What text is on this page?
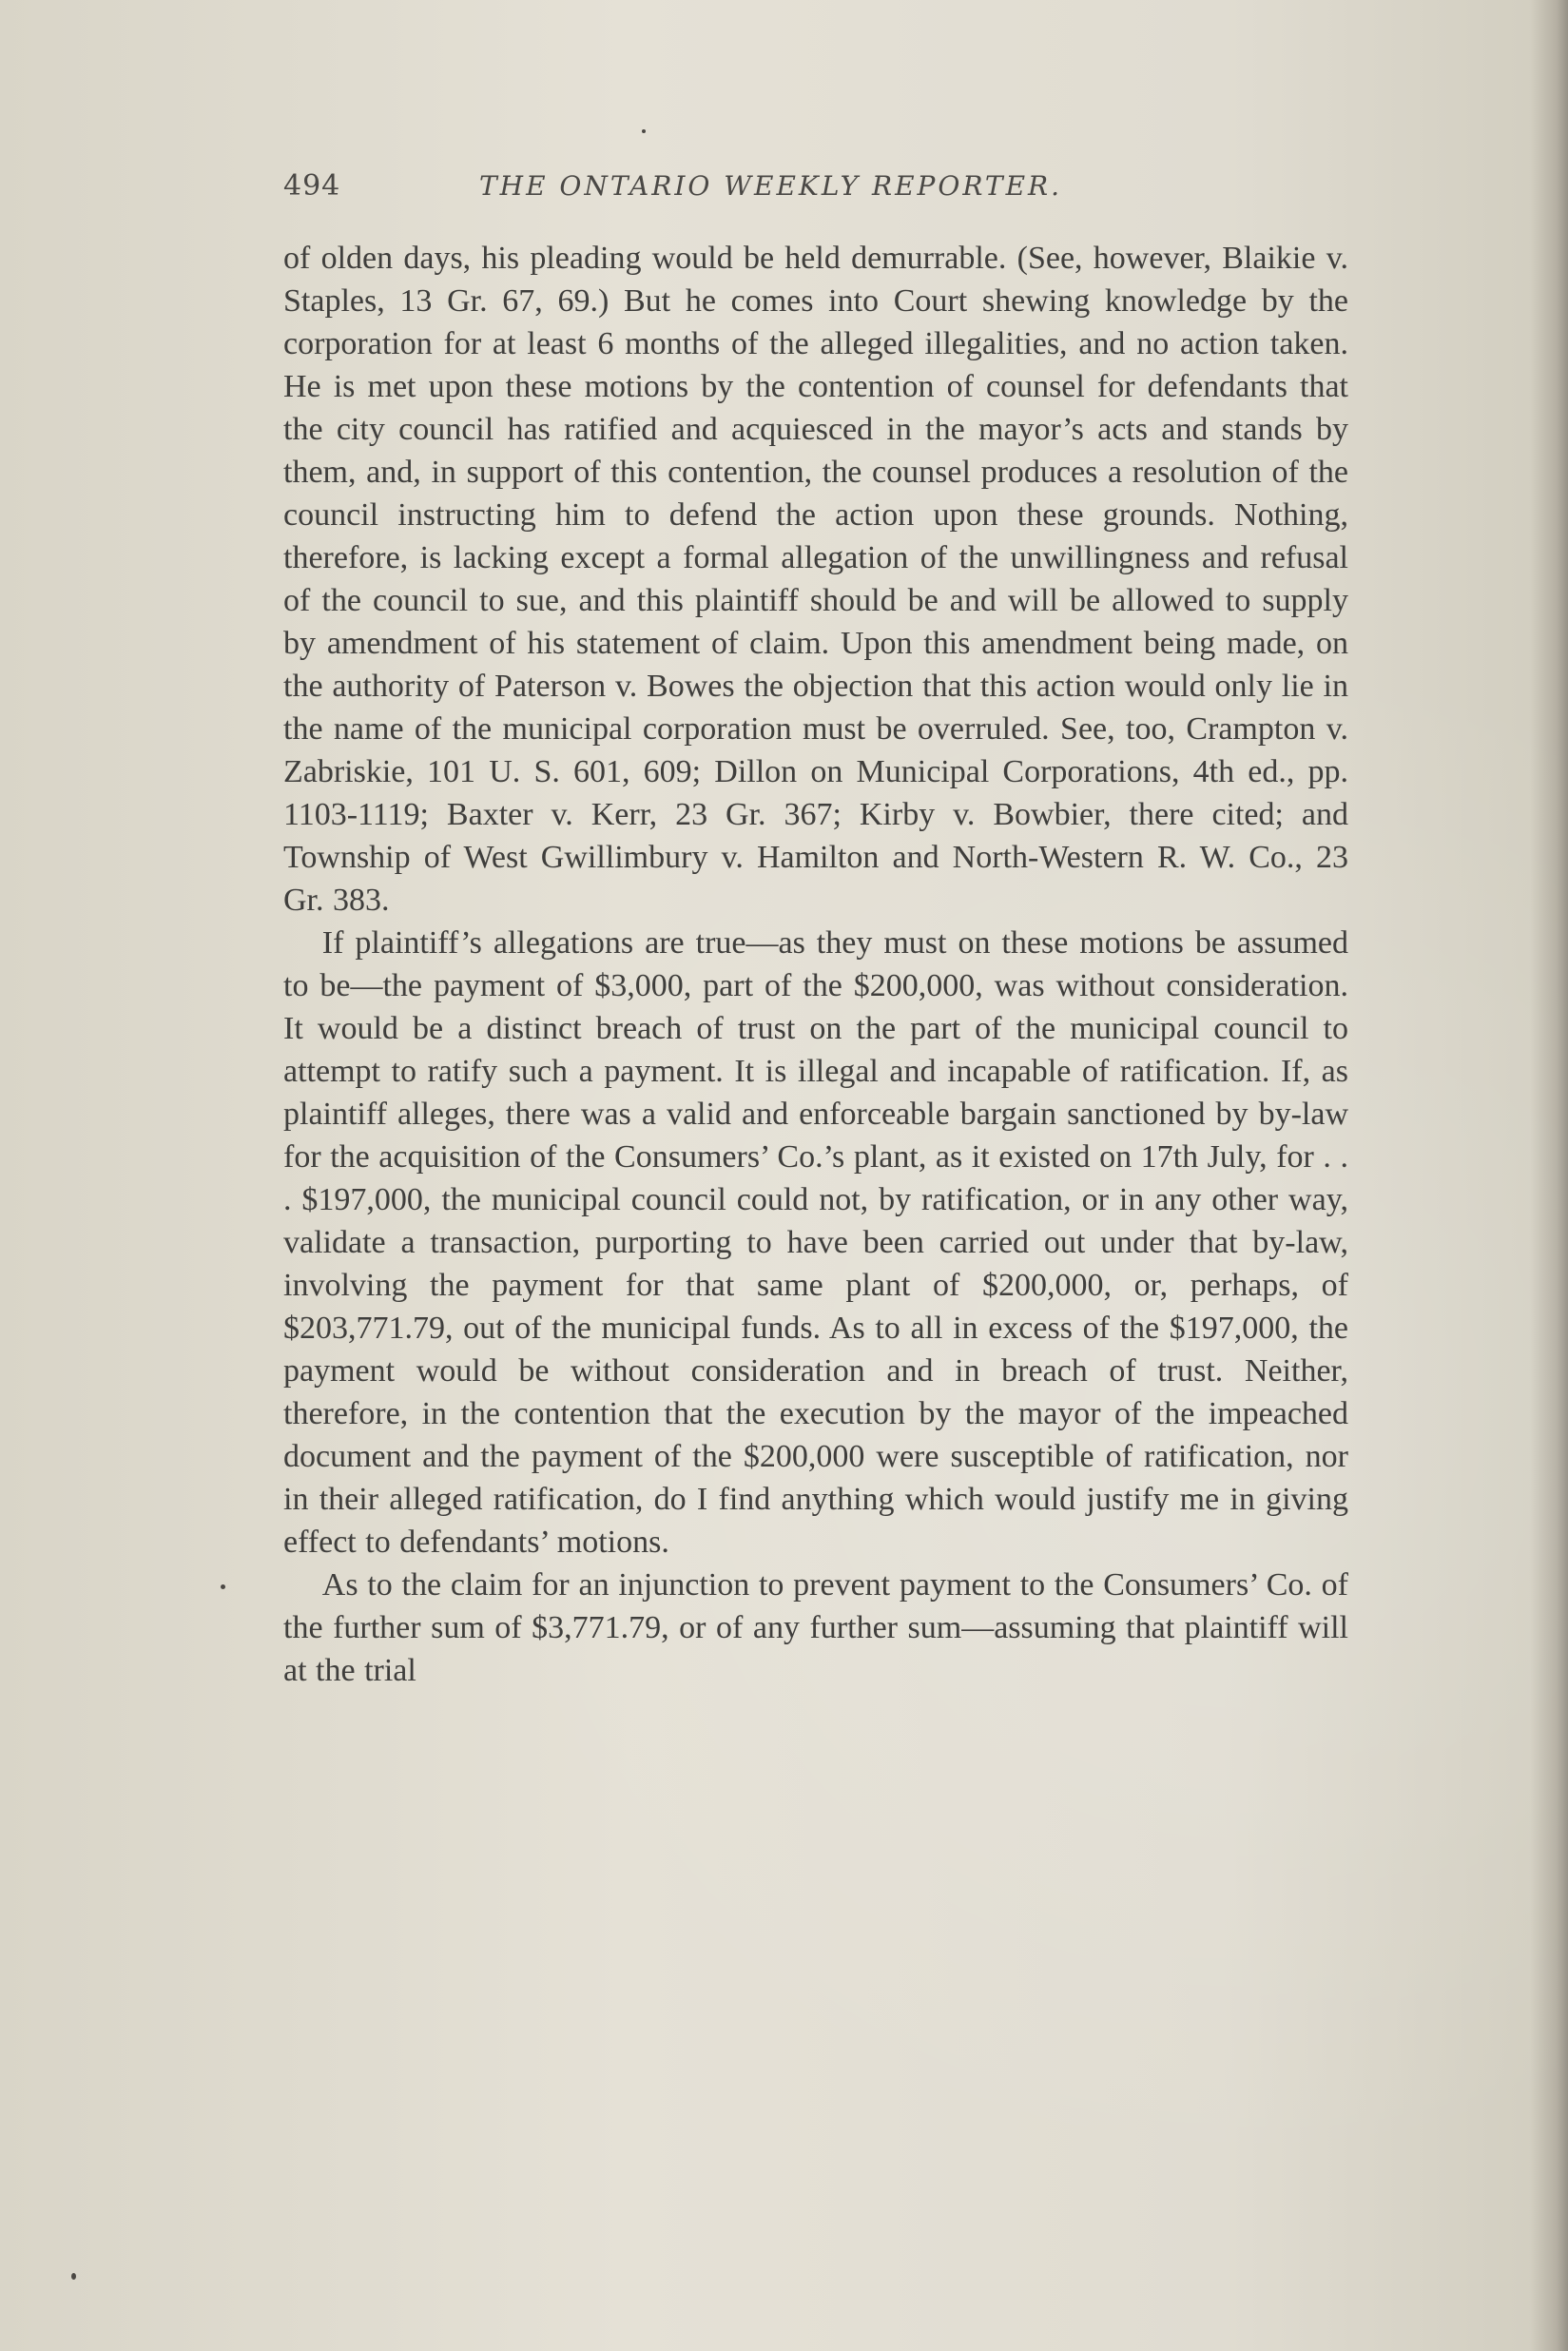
494	THE ONTARIO WEEKLY REPORTER.

of olden days, his pleading would be held demurrable. (See, however, Blaikie v. Staples, 13 Gr. 67, 69.) But he comes into Court shewing knowledge by the corporation for at least 6 months of the alleged illegalities, and no action taken. He is met upon these motions by the contention of counsel for defendants that the city council has ratified and acquiesced in the mayor’s acts and stands by them, and, in support of this contention, the counsel produces a resolution of the council instructing him to defend the action upon these grounds. Nothing, therefore, is lacking except a formal allegation of the unwillingness and refusal of the council to sue, and this plaintiff should be and will be allowed to supply by amendment of his statement of claim. Upon this amendment being made, on the authority of Paterson v. Bowes the objection that this action would only lie in the name of the municipal corporation must be overruled. See, too, Crampton v. Zabriskie, 101 U. S. 601, 609; Dillon on Municipal Corporations, 4th ed., pp. 1103-1119; Baxter v. Kerr, 23 Gr. 367; Kirby v. Bowbier, there cited; and Township of West Gwillimbury v. Hamilton and North-Western R. W. Co., 23 Gr. 383.

If plaintiff’s allegations are true—as they must on these motions be assumed to be—the payment of $3,000, part of the $200,000, was without consideration. It would be a distinct breach of trust on the part of the municipal council to attempt to ratify such a payment. It is illegal and incapable of ratification. If, as plaintiff alleges, there was a valid and enforceable bargain sanctioned by by-law for the acquisition of the Consumers’ Co.’s plant, as it existed on 17th July, for . . . $197,000, the municipal council could not, by ratification, or in any other way, validate a transaction, purporting to have been carried out under that by-law, involving the payment for that same plant of $200,000, or, perhaps, of $203,771.79, out of the municipal funds. As to all in excess of the $197,000, the payment would be without consideration and in breach of trust. Neither, therefore, in the contention that the execution by the mayor of the impeached document and the payment of the $200,000 were susceptible of ratification, nor in their alleged ratification, do I find anything which would justify me in giving effect to defendants’ motions.

As to the claim for an injunction to prevent payment to the Consumers’ Co. of the further sum of $3,771.79, or of any further sum—assuming that plaintiff will at the trial
